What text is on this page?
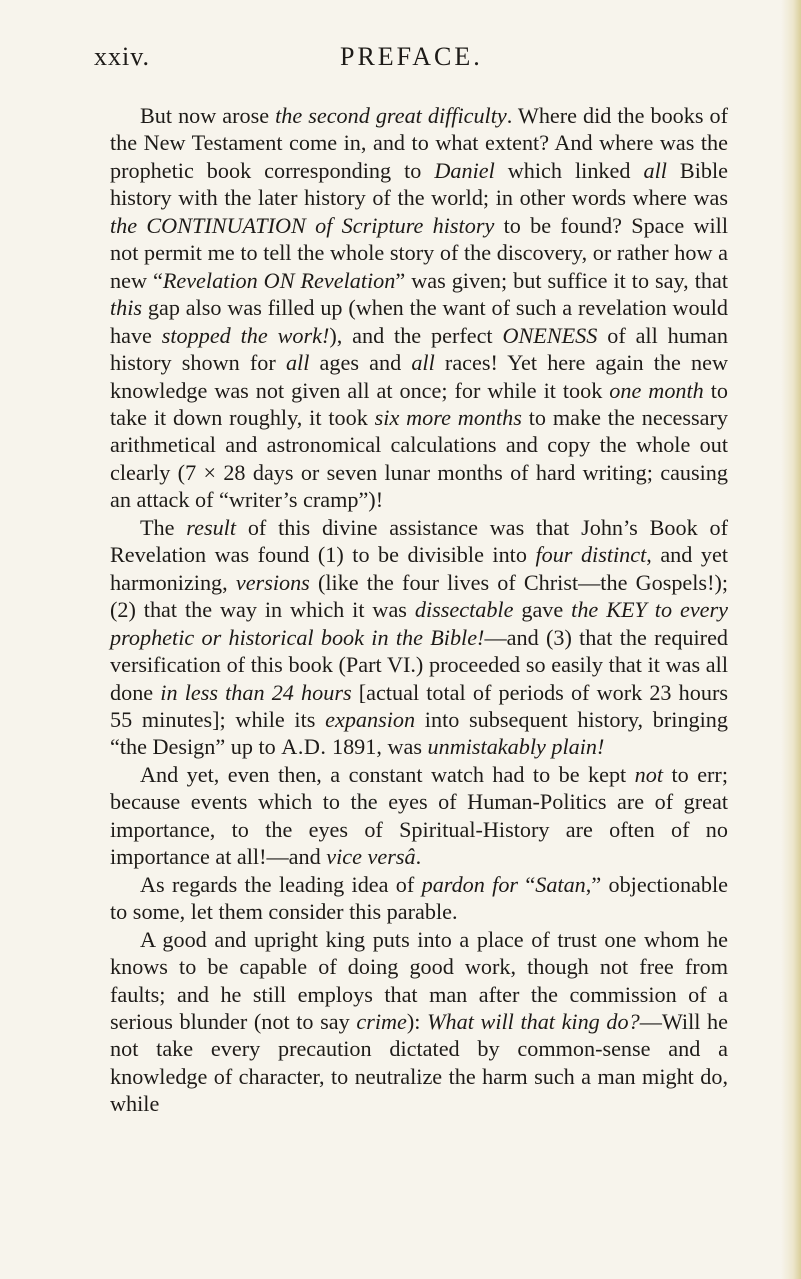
xxiv.	PREFACE.

But now arose the second great difficulty. Where did the books of the New Testament come in, and to what extent? And where was the prophetic book corresponding to Daniel which linked all Bible history with the later history of the world; in other words where was the CONTINUATION of Scripture history to be found? Space will not permit me to tell the whole story of the discovery, or rather how a new “Revelation ON Revelation” was given; but suffice it to say, that this gap also was filled up (when the want of such a revelation would have stopped the work!), and the perfect ONENESS of all human history shown for all ages and all races! Yet here again the new knowledge was not given all at once; for while it took one month to take it down roughly, it took six more months to make the necessary arithmetical and astronomical calculations and copy the whole out clearly (7 × 28 days or seven lunar months of hard writing; causing an attack of “writer’s cramp”)!

The result of this divine assistance was that John’s Book of Revelation was found (1) to be divisible into four distinct, and yet harmonizing, versions (like the four lives of Christ—the Gospels!); (2) that the way in which it was dissectable gave the KEY to every prophetic or historical book in the Bible!—and (3) that the required versification of this book (Part VI.) proceeded so easily that it was all done in less than 24 hours [actual total of periods of work 23 hours 55 minutes]; while its expansion into subsequent history, bringing “the Design” up to A.D. 1891, was unmistakably plain!

And yet, even then, a constant watch had to be kept not to err; because events which to the eyes of Human-Politics are of great importance, to the eyes of Spiritual-History are often of no importance at all!—and vice versâ.

As regards the leading idea of pardon for “Satan,” objectionable to some, let them consider this parable.

A good and upright king puts into a place of trust one whom he knows to be capable of doing good work, though not free from faults; and he still employs that man after the commission of a serious blunder (not to say crime): What will that king do?—Will he not take every precaution dictated by common-sense and a knowledge of character, to neutralize the harm such a man might do, while
